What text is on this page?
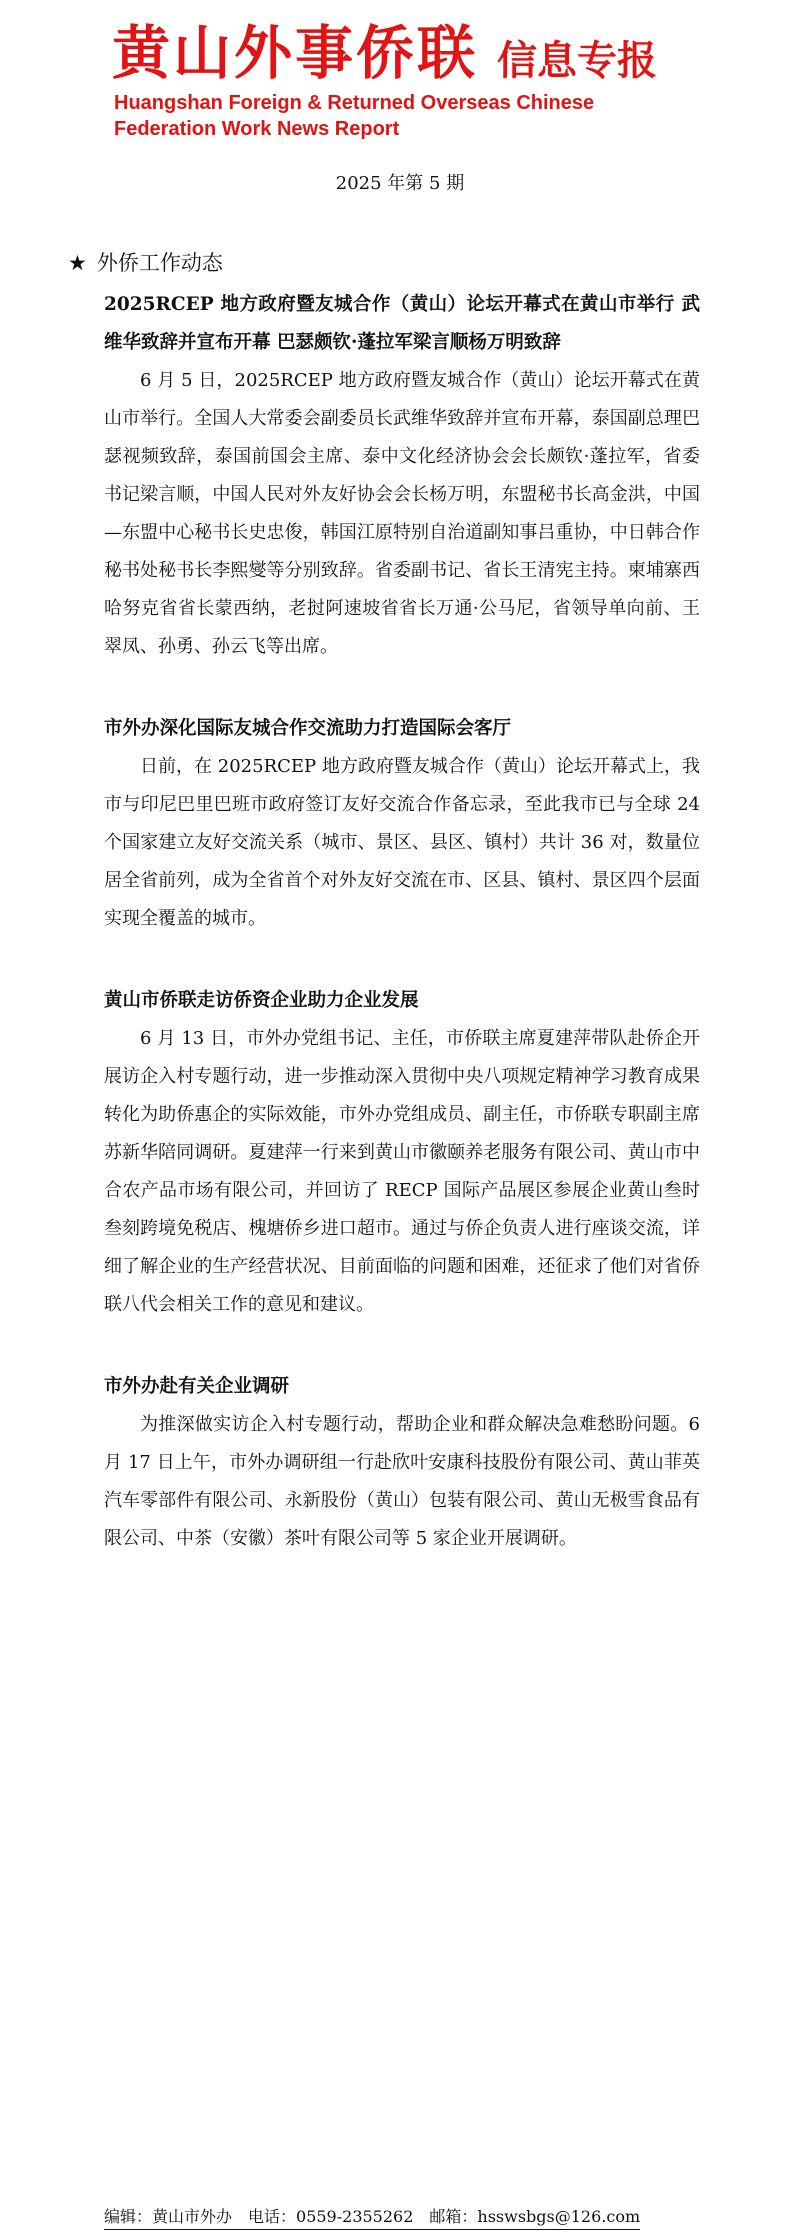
黄山外事侨联 信息专报
Huangshan Foreign & Returned Overseas Chinese
Federation Work News Report
2025 年第 5 期
★ 外侨工作动态

2025RCEP 地方政府暨友城合作（黄山）论坛开幕式在黄山市举行 武维华致辞并宣布开幕 巴瑟颇钦·蓬拉军梁言顺杨万明致辞

6 月 5 日，2025RCEP 地方政府暨友城合作（黄山）论坛开幕式在黄山市举行。全国人大常委会副委员长武维华致辞并宣布开幕，泰国副总理巴瑟视频致辞，泰国前国会主席、泰中文化经济协会会长颇钦·蓬拉军，省委书记梁言顺，中国人民对外友好协会会长杨万明，东盟秘书长高金洪，中国—东盟中心秘书长史忠俊，韩国江原特别自治道副知事吕重协，中日韩合作秘书处秘书长李熙燮等分别致辞。省委副书记、省长王清宪主持。柬埔寨西哈努克省省长蒙西纳，老挝阿速坡省省长万通·公马尼，省领导单向前、王翠凤、孙勇、孙云飞等出席。

市外办深化国际友城合作交流助力打造国际会客厅

日前，在 2025RCEP 地方政府暨友城合作（黄山）论坛开幕式上，我市与印尼巴里巴班市政府签订友好交流合作备忘录，至此我市已与全球 24 个国家建立友好交流关系（城市、景区、县区、镇村）共计 36 对，数量位居全省前列，成为全省首个对外友好交流在市、区县、镇村、景区四个层面实现全覆盖的城市。

黄山市侨联走访侨资企业助力企业发展

6 月 13 日，市外办党组书记、主任，市侨联主席夏建萍带队赴侨企开展访企入村专题行动，进一步推动深入贯彻中央八项规定精神学习教育成果转化为助侨惠企的实际效能，市外办党组成员、副主任，市侨联专职副主席苏新华陪同调研。夏建萍一行来到黄山市徽颐养老服务有限公司、黄山市中合农产品市场有限公司，并回访了 RECP 国际产品展区参展企业黄山叁时叁刻跨境免税店、槐塘侨乡进口超市。通过与侨企负责人进行座谈交流，详细了解企业的生产经营状况、目前面临的问题和困难，还征求了他们对省侨联八代会相关工作的意见和建议。

市外办赴有关企业调研

为推深做实访企入村专题行动，帮助企业和群众解决急难愁盼问题。6 月 17 日上午，市外办调研组一行赴欣叶安康科技股份有限公司、黄山菲英汽车零部件有限公司、永新股份（黄山）包装有限公司、黄山无极雪食品有限公司、中茶（安徽）茶叶有限公司等 5 家企业开展调研。

编辑：黄山市外办 电话：0559-2355262 邮箱：hsswsbgs@126.com
